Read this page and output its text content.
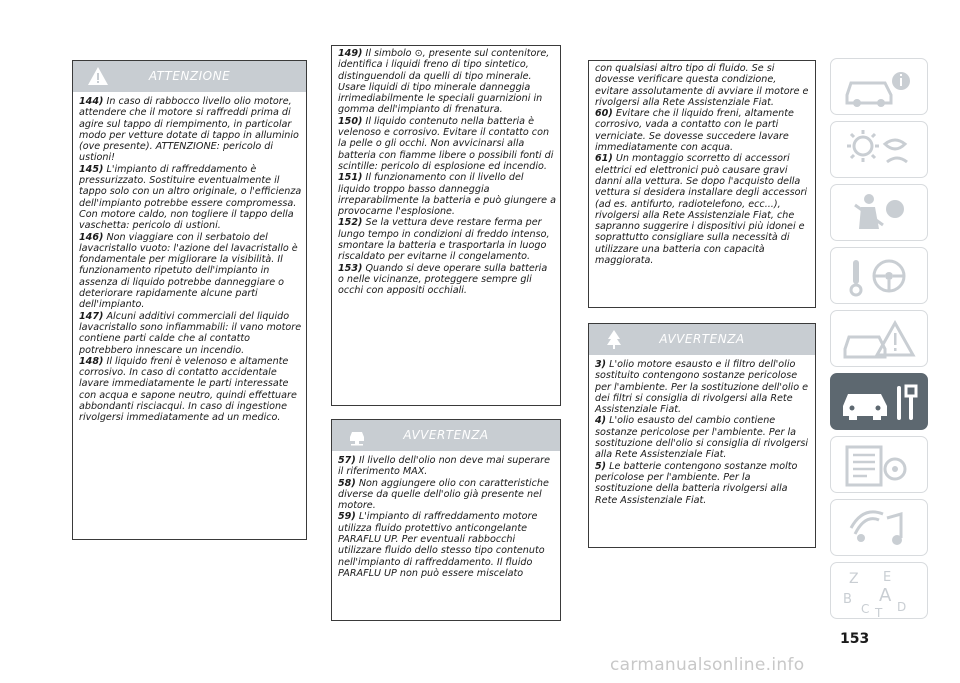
ATTENZIONE

144) In caso di rabbocco livello olio motore, attendere che il motore si raffreddi prima di agire sul tappo di riempimento, in particolar modo per vetture dotate di tappo in alluminio (ove presente). ATTENZIONE: pericolo di ustioni!

145) L'impianto di raffreddamento è pressurizzato. Sostituire eventualmente il tappo solo con un altro originale, o l'efficienza dell'impianto potrebbe essere compromessa. Con motore caldo, non togliere il tappo della vaschetta: pericolo di ustioni.

146) Non viaggiare con il serbatoio del lavacristallo vuoto: l'azione del lavacristallo è fondamentale per migliorare la visibilità. Il funzionamento ripetuto dell'impianto in assenza di liquido potrebbe danneggiare o deteriorare rapidamente alcune parti dell'impianto.

147) Alcuni additivi commerciali del liquido lavacristallo sono infiammabili: il vano motore contiene parti calde che al contatto potrebbero innescare un incendio.

148) Il liquido freni è velenoso e altamente corrosivo. In caso di contatto accidentale lavare immediatamente le parti interessate con acqua e sapone neutro, quindi effettuare abbondanti risciacqui. In caso di ingestione rivolgersi immediatamente ad un medico.

149) Il simbolo ⊙, presente sul contenitore, identifica i liquidi freno di tipo sintetico, distinguendoli da quelli di tipo minerale. Usare liquidi di tipo minerale danneggia irrimediabilmente le speciali guarnizioni in gomma dell'impianto di frenatura.

150) Il liquido contenuto nella batteria è velenoso e corrosivo. Evitare il contatto con la pelle o gli occhi. Non avvicinarsi alla batteria con fiamme libere o possibili fonti di scintille: pericolo di esplosione ed incendio.

151) Il funzionamento con il livello del liquido troppo basso danneggia irreparabilmente la batteria e può giungere a provocarne l'esplosione.

152) Se la vettura deve restare ferma per lungo tempo in condizioni di freddo intenso, smontare la batteria e trasportarla in luogo riscaldato per evitarne il congelamento.

153) Quando si deve operare sulla batteria o nelle vicinanze, proteggere sempre gli occhi con appositi occhiali.

AVVERTENZA

57) Il livello dell'olio non deve mai superare il riferimento MAX.

58) Non aggiungere olio con caratteristiche diverse da quelle dell'olio già presente nel motore.

59) L'impianto di raffreddamento motore utilizza fluido protettivo anticongelante PARAFLU UP. Per eventuali rabbocchi utilizzare fluido dello stesso tipo contenuto nell'impianto di raffreddamento. Il fluido PARAFLU UP non può essere miscelato

con qualsiasi altro tipo di fluido. Se si dovesse verificare questa condizione, evitare assolutamente di avviare il motore e rivolgersi alla Rete Assistenziale Fiat.

60) Evitare che il liquido freni, altamente corrosivo, vada a contatto con le parti verniciate. Se dovesse succedere lavare immediatamente con acqua.

61) Un montaggio scorretto di accessori elettrici ed elettronici può causare gravi danni alla vettura. Se dopo l'acquisto della vettura si desidera installare degli accessori (ad es. antifurto, radiotelefono, ecc...), rivolgersi alla Rete Assistenziale Fiat, che sapranno suggerire i dispositivi più idonei e soprattutto consigliare sulla necessità di utilizzare una batteria con capacità maggiorata.

AVVERTENZA

3) L'olio motore esausto e il filtro dell'olio sostituito contengono sostanze pericolose per l'ambiente. Per la sostituzione dell'olio e dei filtri si consiglia di rivolgersi alla Rete Assistenziale Fiat.

4) L'olio esausto del cambio contiene sostanze pericolose per l'ambiente. Per la sostituzione dell'olio si consiglia di rivolgersi alla Rete Assistenziale Fiat.

5) Le batterie contengono sostanze molto pericolose per l'ambiente. Per la sostituzione della batteria rivolgersi alla Rete Assistenziale Fiat.

Z E
B A
C T D
153
carmanualsonline.info
